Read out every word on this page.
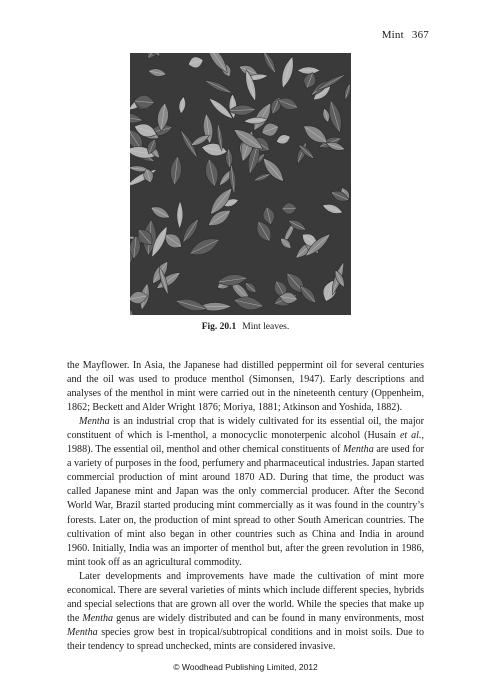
Mint 367
Fig. 20.1 Mint leaves.

the Mayflower. In Asia, the Japanese had distilled peppermint oil for several centuries and the oil was used to produce menthol (Simonsen, 1947). Early descriptions and analyses of the menthol in mint were carried out in the nineteenth century (Oppenheim, 1862; Beckett and Alder Wright 1876; Moriya, 1881; Atkinson and Yoshida, 1882).

Mentha is an industrial crop that is widely cultivated for its essential oil, the major constituent of which is l-menthol, a monocyclic monoterpenic alcohol (Husain et al., 1988). The essential oil, menthol and other chemical constituents of Mentha are used for a variety of purposes in the food, perfumery and pharmaceutical industries. Japan started commercial production of mint around 1870 AD. During that time, the product was called Japanese mint and Japan was the only commercial producer. After the Second World War, Brazil started producing mint commercially as it was found in the country’s forests. Later on, the production of mint spread to other South American countries. The cultivation of mint also began in other countries such as China and India in around 1960. Initially, India was an importer of menthol but, after the green revolution in 1986, mint took off as an agricultural commodity.

Later developments and improvements have made the cultivation of mint more economical. There are several varieties of mints which include different species, hybrids and special selections that are grown all over the world. While the species that make up the Mentha genus are widely distributed and can be found in many environments, most Mentha species grow best in tropical/subtropical conditions and in moist soils. Due to their tendency to spread unchecked, mints are considered invasive.

© Woodhead Publishing Limited, 2012
